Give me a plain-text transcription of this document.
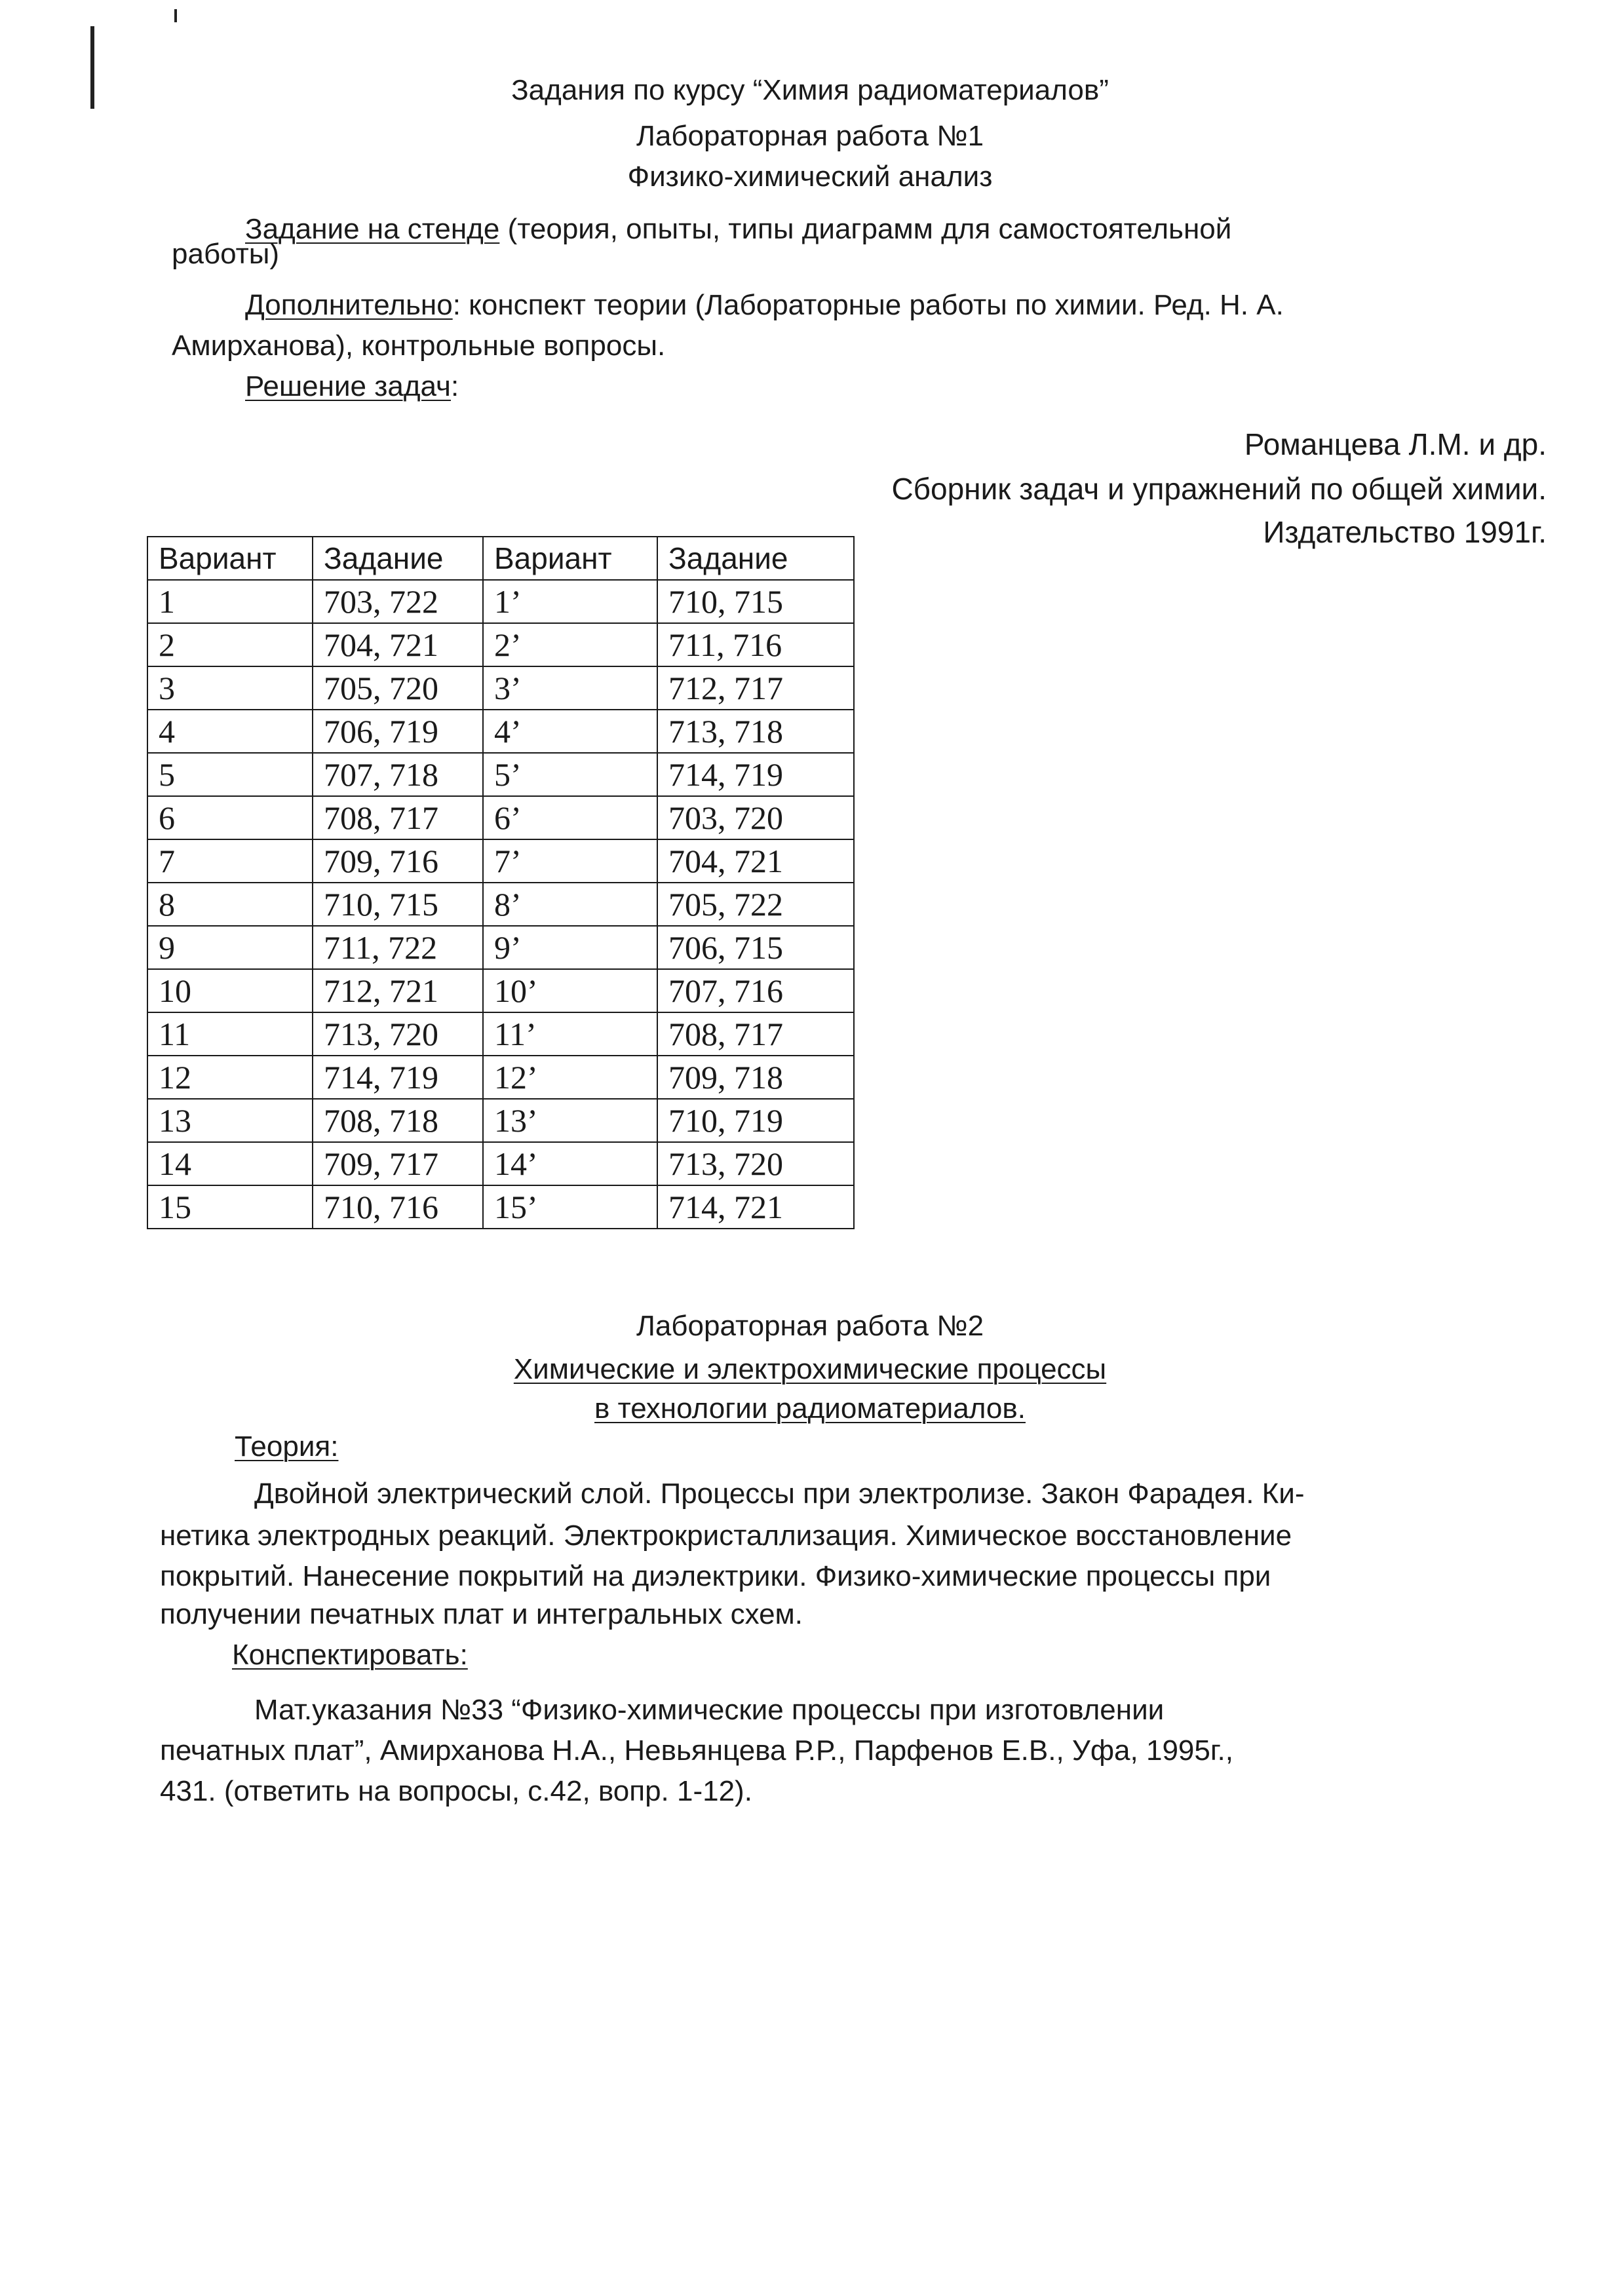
Задания по курсу “Химия радиоматериалов”
Лабораторная работа №1
Физико-химический анализ
Задание на стенде (теория, опыты, типы диаграмм для самостоятельной
работы)
Дополнительно: конспект теории (Лабораторные работы по химии. Ред. Н. А.
Амирханова), контрольные вопросы.
Решение задач:
Романцева Л.М. и др.
Сборник задач и упражнений по общей химии.
Издательство 1991г.
Вариант	Задание	Вариант	Задание
1	703, 722	1’	710, 715
2	704, 721	2’	711, 716
3	705, 720	3’	712, 717
4	706, 719	4’	713, 718
5	707, 718	5’	714, 719
6	708, 717	6’	703, 720
7	709, 716	7’	704, 721
8	710, 715	8’	705, 722
9	711, 722	9’	706, 715
10	712, 721	10’	707, 716
11	713, 720	11’	708, 717
12	714, 719	12’	709, 718
13	708, 718	13’	710, 719
14	709, 717	14’	713, 720
15	710, 716	15’	714, 721
Лабораторная работа №2
Химические и электрохимические процессы
в технологии радиоматериалов.
Теория:
Двойной электрический слой. Процессы при электролизе. Закон Фарадея. Ки-
нетика электродных реакций. Электрокристаллизация. Химическое восстановление
покрытий. Нанесение покрытий на диэлектрики. Физико-химические процессы при
получении печатных плат и интегральных схем.
Конспектировать:
Мат.указания №33 “Физико-химические процессы при изготовлении
печатных плат”, Амирханова Н.А., Невьянцева Р.Р., Парфенов Е.В., Уфа, 1995г.,
431. (ответить на вопросы, с.42, вопр. 1-12).
